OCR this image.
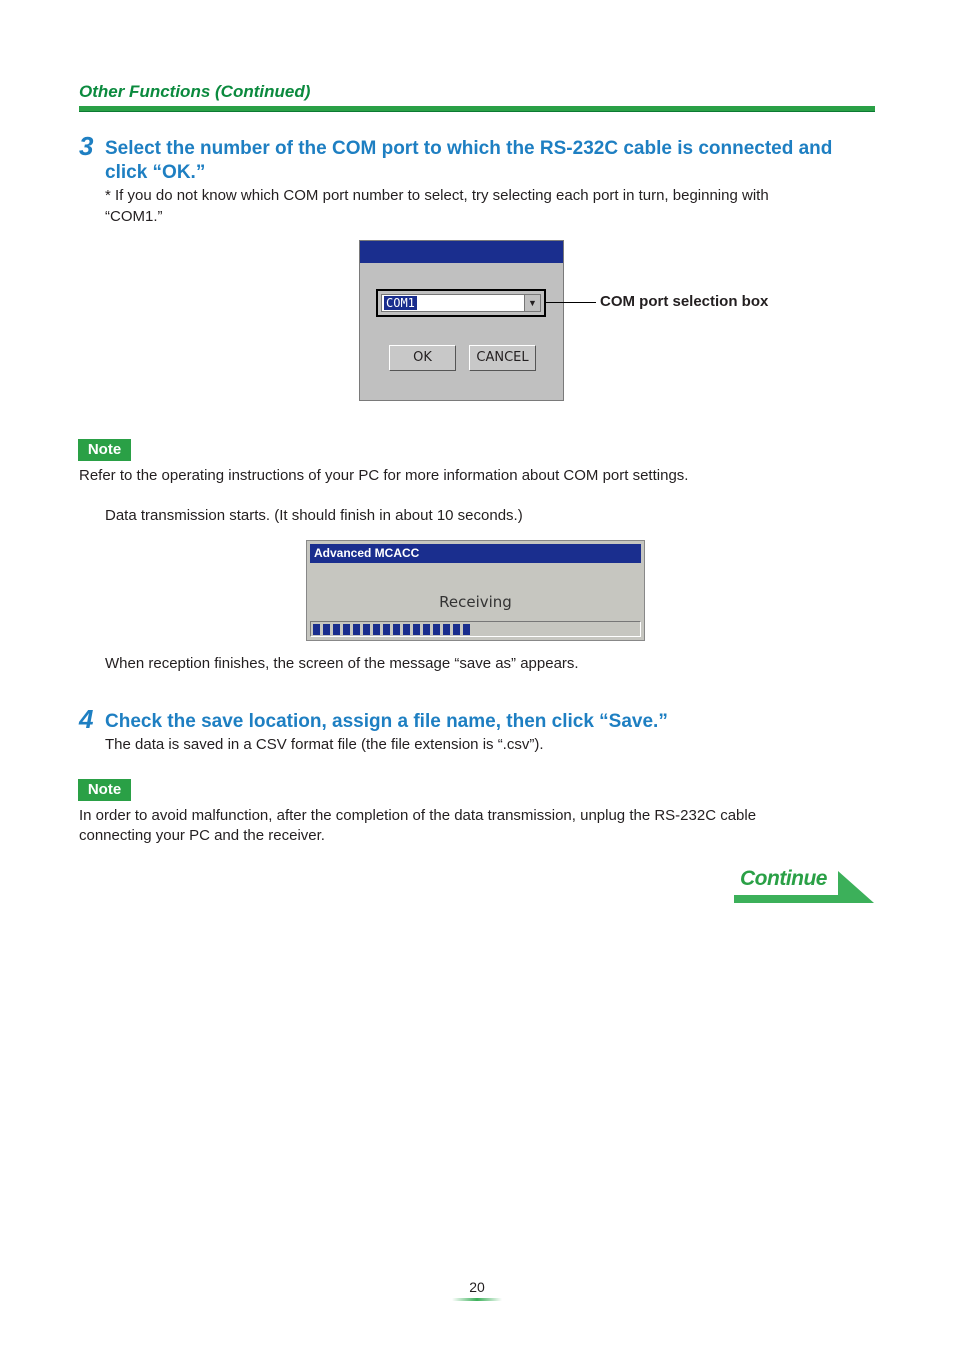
Other Functions (Continued)
3 Select the number of the COM port to which the RS-232C cable is connected and
click “OK.”
* If you do not know which COM port number to select, try selecting each port in turn, beginning with
“COM1.”
COM1	▼
OK	CANCEL
COM port selection box
Note
Refer to the operating instructions of your PC for more information about COM port settings.
Data transmission starts. (It should finish in about 10 seconds.)
Advanced MCACC
Receiving
When reception finishes, the screen of the message “save as” appears.
4 Check the save location, assign a file name, then click “Save.”
The data is saved in a CSV format file (the file extension is “.csv”).
Note
In order to avoid malfunction, after the completion of the data transmission, unplug the RS-232C cable
connecting your PC and the receiver.
Continue
20
